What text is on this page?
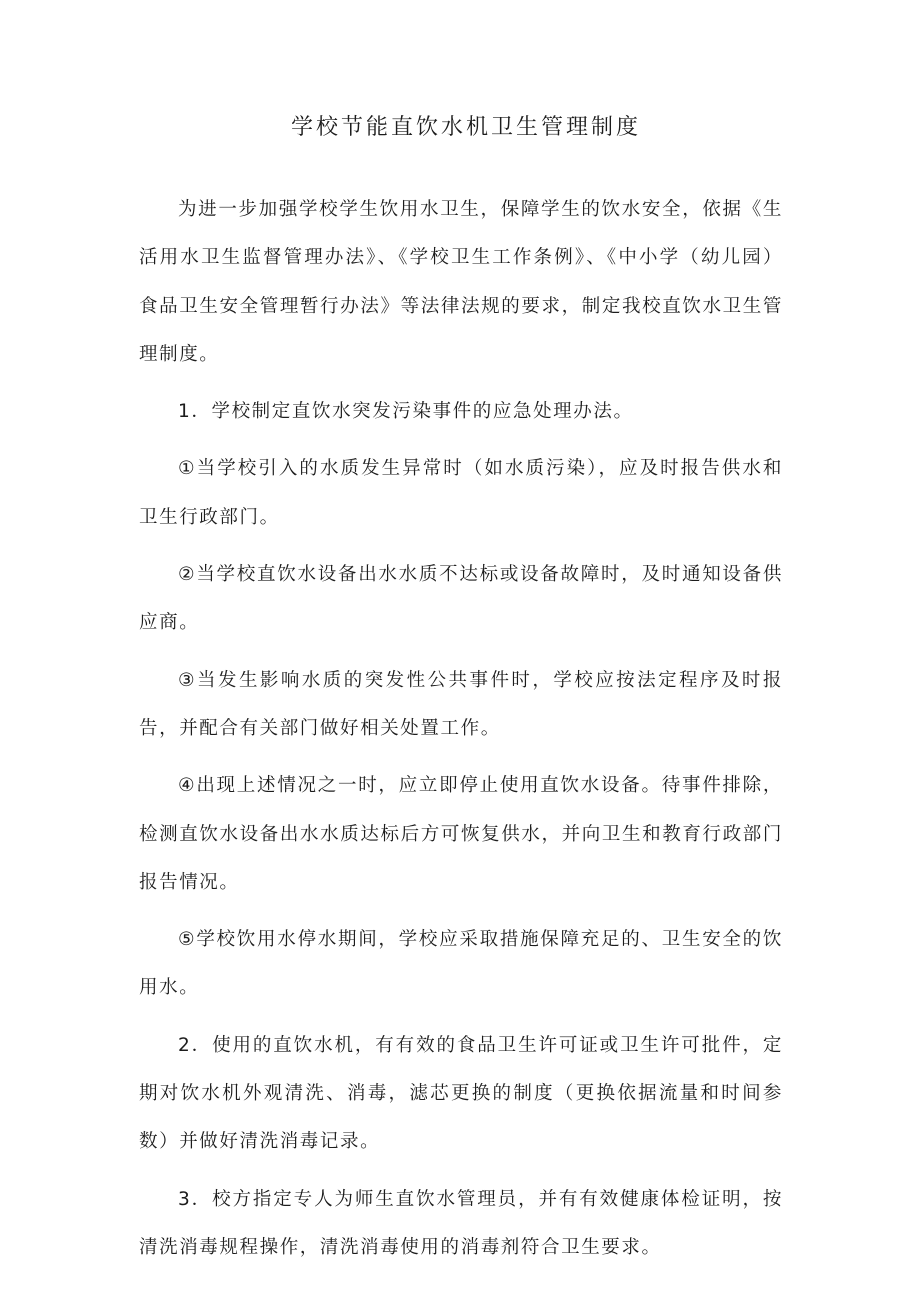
学校节能直饮水机卫生管理制度

为进一步加强学校学生饮用水卫生，保障学生的饮水安全，依据《生活用水卫生监督管理办法》、《学校卫生工作条例》、《中小学（幼儿园）食品卫生安全管理暂行办法》等法律法规的要求，制定我校直饮水卫生管理制度。

1．学校制定直饮水突发污染事件的应急处理办法。

①当学校引入的水质发生异常时（如水质污染），应及时报告供水和卫生行政部门。

②当学校直饮水设备出水水质不达标或设备故障时，及时通知设备供应商。

③当发生影响水质的突发性公共事件时，学校应按法定程序及时报告，并配合有关部门做好相关处置工作。

④出现上述情况之一时，应立即停止使用直饮水设备。待事件排除，检测直饮水设备出水水质达标后方可恢复供水，并向卫生和教育行政部门报告情况。

⑤学校饮用水停水期间，学校应采取措施保障充足的、卫生安全的饮用水。

2．使用的直饮水机，有有效的食品卫生许可证或卫生许可批件，定期对饮水机外观清洗、消毒，滤芯更换的制度（更换依据流量和时间参数）并做好清洗消毒记录。

3．校方指定专人为师生直饮水管理员，并有有效健康体检证明，按清洗消毒规程操作，清洗消毒使用的消毒剂符合卫生要求。
